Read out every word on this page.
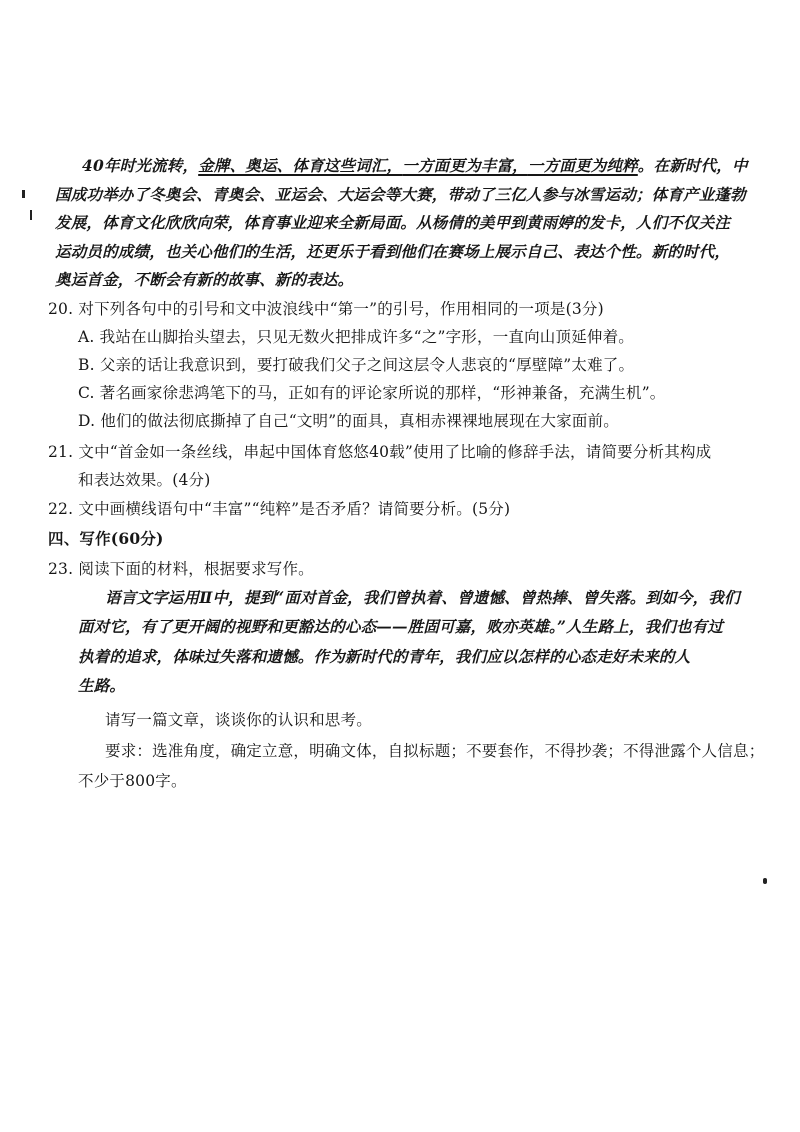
40年时光流转，金牌、奥运、体育这些词汇，一方面更为丰富，一方面更为纯粹。在新时代，中
国成功举办了冬奥会、青奥会、亚运会、大运会等大赛，带动了三亿人参与冰雪运动；体育产业蓬勃
发展，体育文化欣欣向荣，体育事业迎来全新局面。从杨倩的美甲到黄雨婷的发卡，人们不仅关注
运动员的成绩，也关心他们的生活，还更乐于看到他们在赛场上展示自己、表达个性。新的时代，
奥运首金，不断会有新的故事、新的表达。
20. 对下列各句中的引号和文中波浪线中“第一”的引号，作用相同的一项是(3分)
A. 我站在山脚抬头望去，只见无数火把排成许多“之”字形，一直向山顶延伸着。
B. 父亲的话让我意识到，要打破我们父子之间这层令人悲哀的“厚壁障”太难了。
C. 著名画家徐悲鸿笔下的马，正如有的评论家所说的那样，“形神兼备，充满生机”。
D. 他们的做法彻底撕掉了自己“文明”的面具，真相赤裸裸地展现在大家面前。
21. 文中“首金如一条丝线，串起中国体育悠悠40载”使用了比喻的修辞手法，请简要分析其构成
和表达效果。(4分)
22. 文中画横线语句中“丰富”“纯粹”是否矛盾？请简要分析。(5分)
四、写作(60分)
23. 阅读下面的材料，根据要求写作。
语言文字运用Ⅱ中，提到“面对首金，我们曾执着、曾遗憾、曾热捧、曾失落。到如今，我们
面对它，有了更开阔的视野和更豁达的心态——胜固可嘉，败亦英雄。”人生路上，我们也有过
执着的追求，体味过失落和遗憾。作为新时代的青年，我们应以怎样的心态走好未来的人
生路。
请写一篇文章，谈谈你的认识和思考。
要求：选准角度，确定立意，明确文体，自拟标题；不要套作，不得抄袭；不得泄露个人信息；
不少于800字。
